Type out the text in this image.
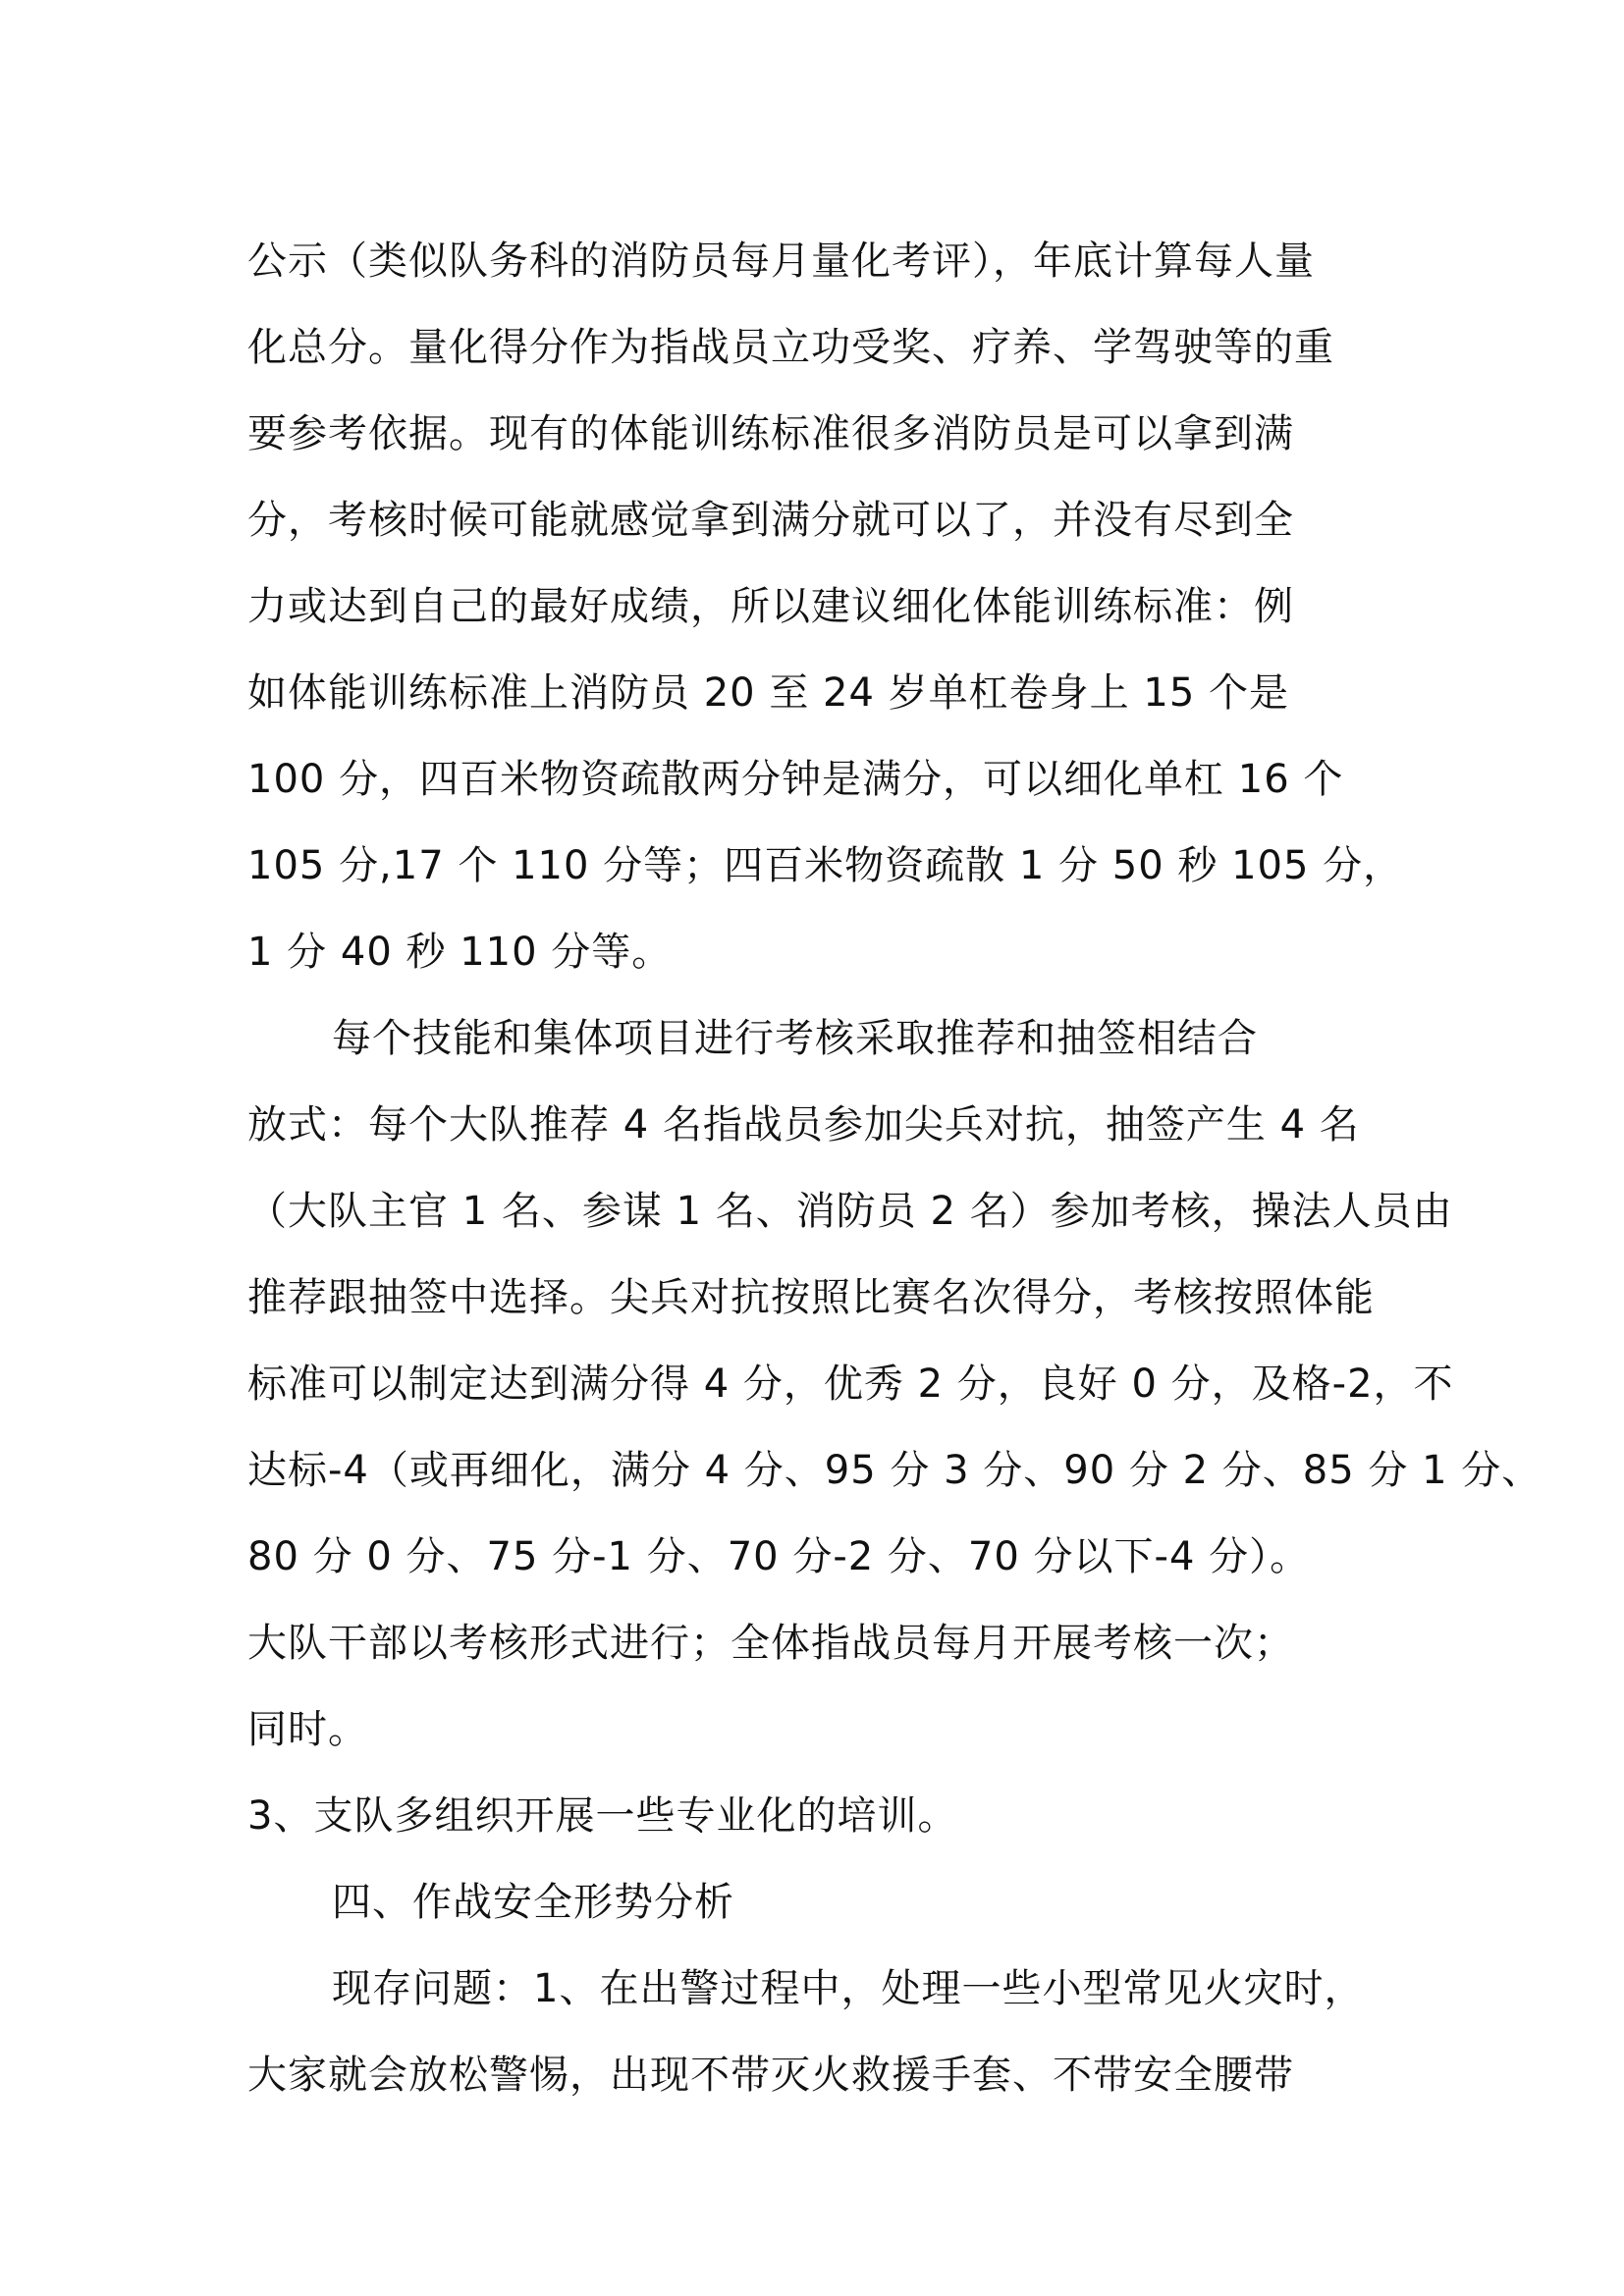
公示（类似队务科的消防员每月量化考评），年底计算每人量
化总分。量化得分作为指战员立功受奖、疗养、学驾驶等的重
要参考依据。现有的体能训练标准很多消防员是可以拿到满
分，考核时候可能就感觉拿到满分就可以了，并没有尽到全
力或达到自己的最好成绩，所以建议细化体能训练标准：例
如体能训练标准上消防员 20 至 24 岁单杠卷身上 15 个是
100 分，四百米物资疏散两分钟是满分，可以细化单杠 16 个
105 分,17 个 110 分等；四百米物资疏散 1 分 50 秒 105 分，
1 分 40 秒 110 分等。
每个技能和集体项目进行考核采取推荐和抽签相结合
放式：每个大队推荐 4 名指战员参加尖兵对抗，抽签产生 4 名
（大队主官 1 名、参谋 1 名、消防员 2 名）参加考核，操法人员由
推荐跟抽签中选择。尖兵对抗按照比赛名次得分，考核按照体能
标准可以制定达到满分得 4 分，优秀 2 分，良好 0 分，及格-2，不
达标-4（或再细化，满分 4 分、95 分 3 分、90 分 2 分、85 分 1 分、
80 分 0 分、75 分-1 分、70 分-2 分、70 分以下-4 分）。
大队干部以考核形式进行；全体指战员每月开展考核一次；
同时。
3、支队多组织开展一些专业化的培训。
四、作战安全形势分析
现存问题：1、在出警过程中，处理一些小型常见火灾时，
大家就会放松警惕，出现不带灭火救援手套、不带安全腰带
